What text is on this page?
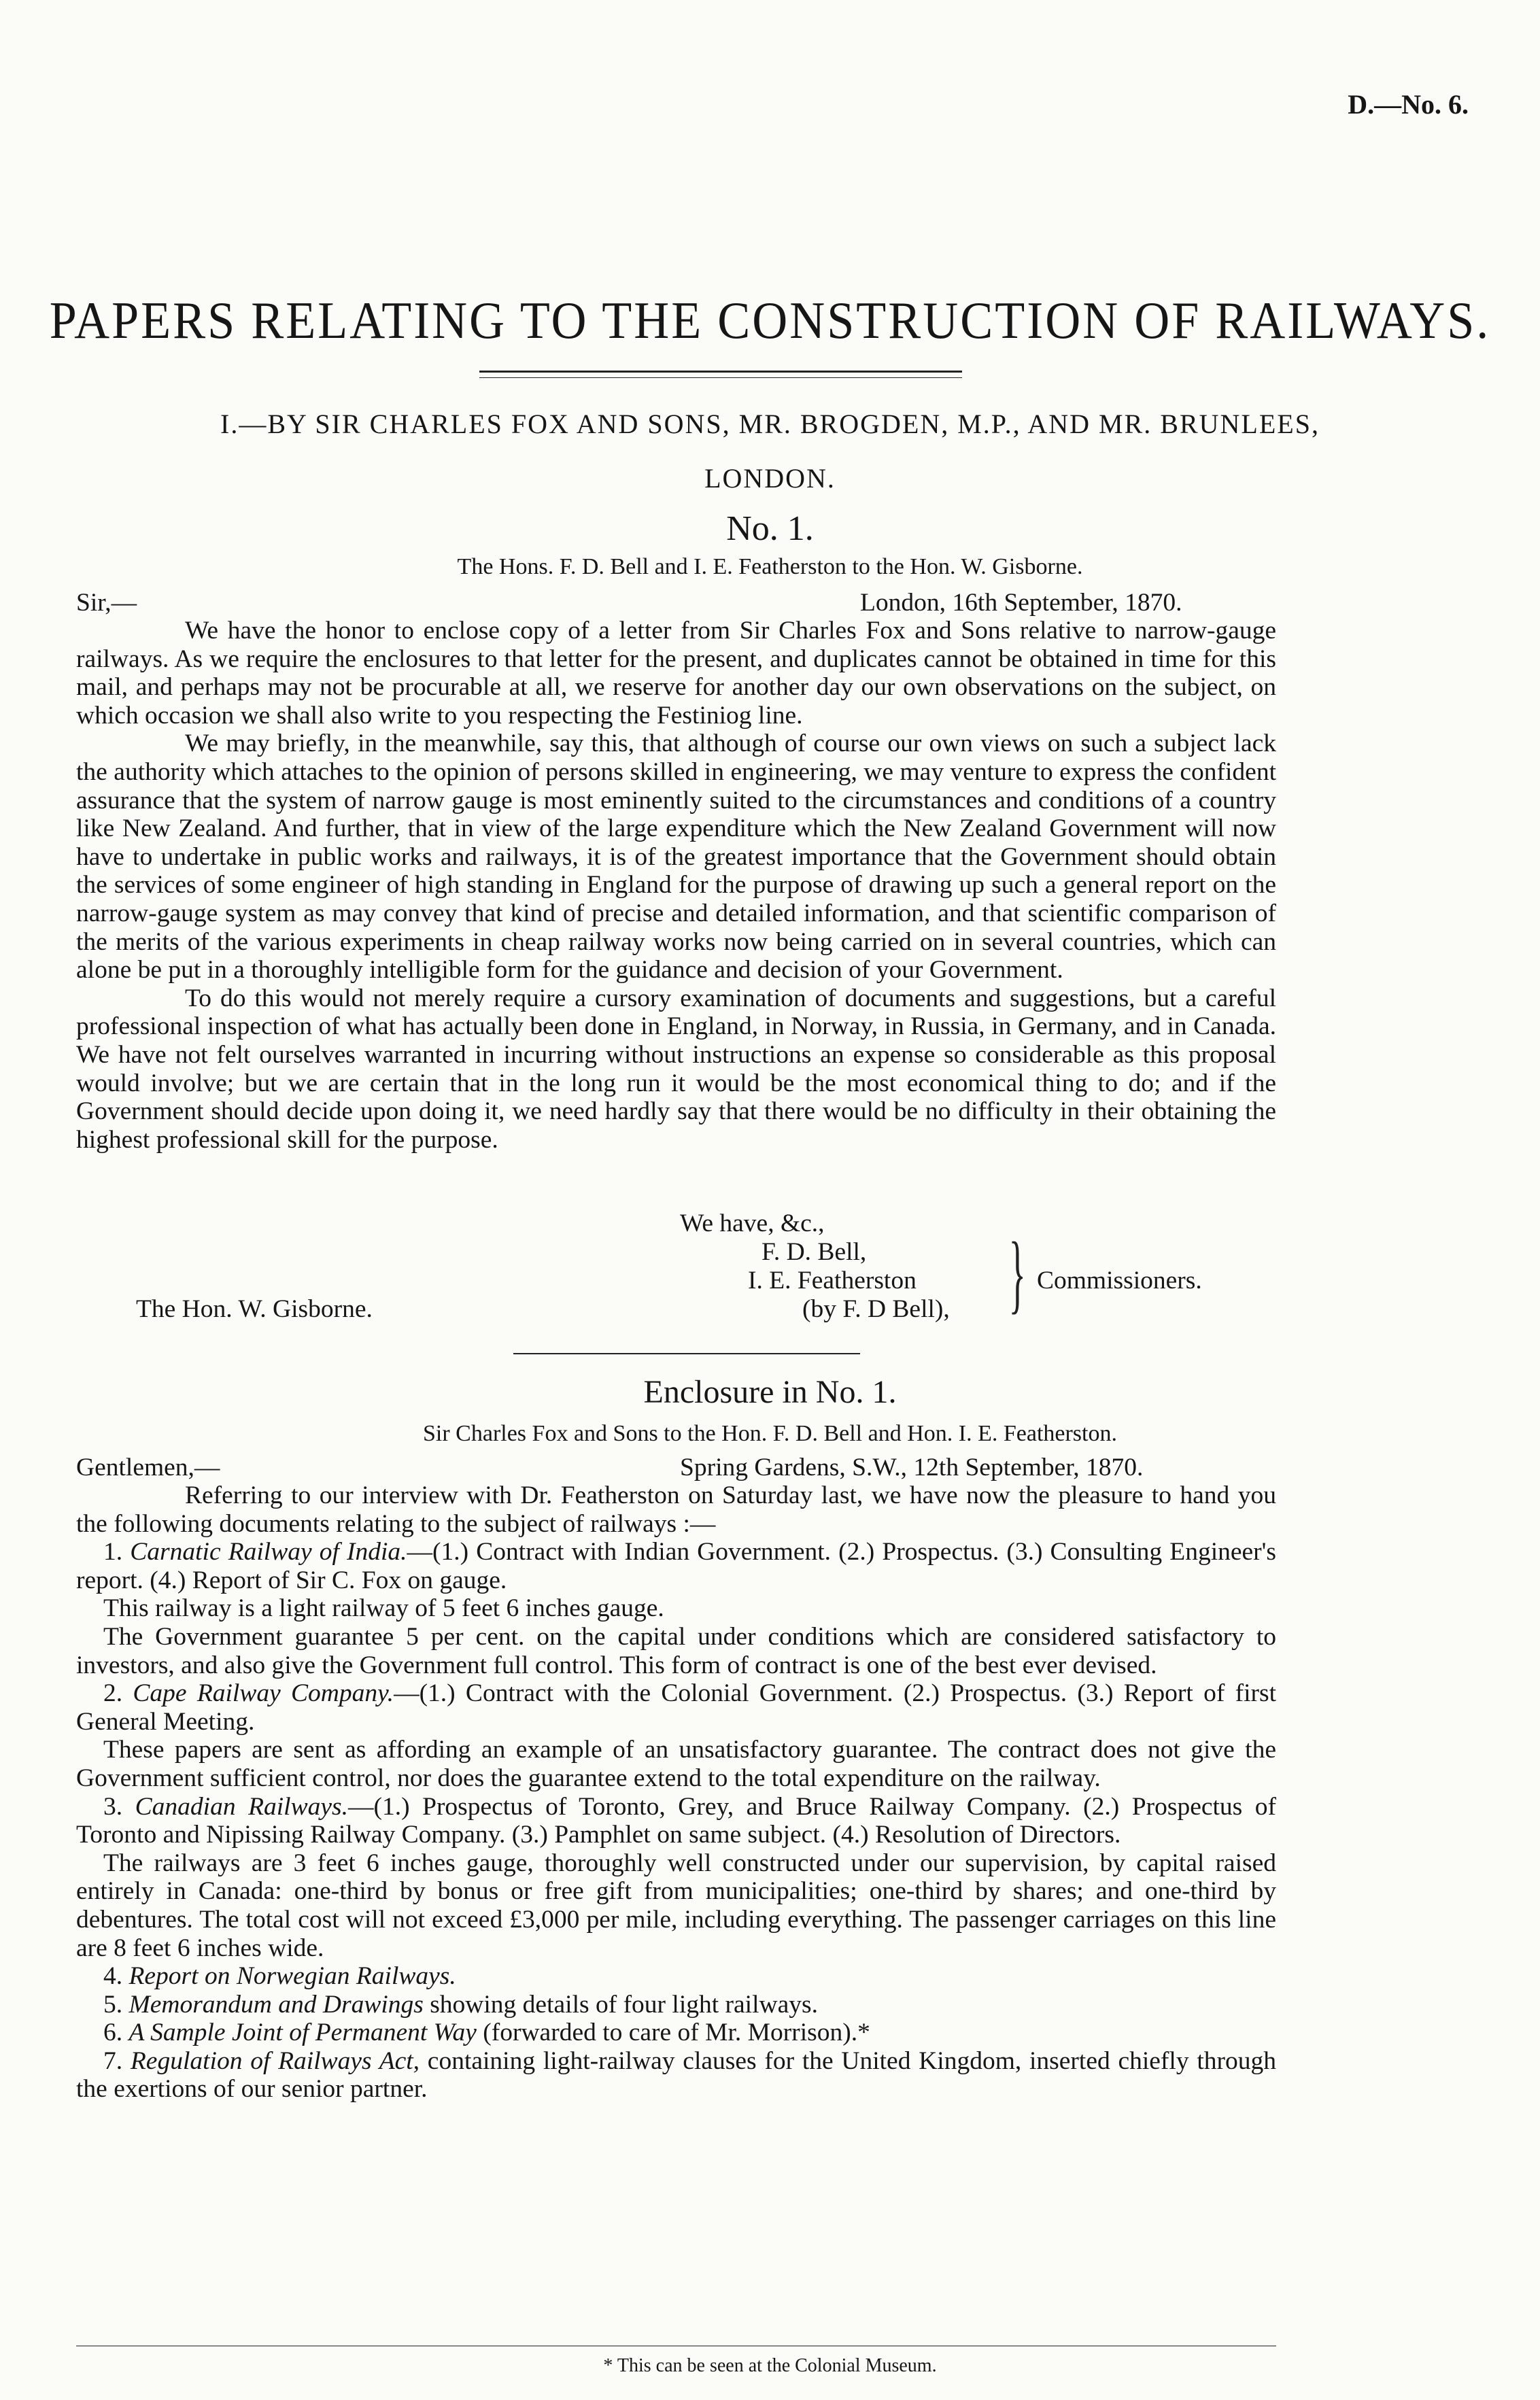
D.—No. 6.
PAPERS RELATING TO THE CONSTRUCTION OF RAILWAYS.
I.—BY SIR CHARLES FOX AND SONS, MR. BROGDEN, M.P., AND MR. BRUNLEES,
LONDON.
No. 1.
The Hons. F. D. Bell and I. E. Featherston to the Hon. W. Gisborne.
Sir,—	London, 16th September, 1870.

We have the honor to enclose copy of a letter from Sir Charles Fox and Sons relative to narrow-gauge railways. As we require the enclosures to that letter for the present, and duplicates cannot be obtained in time for this mail, and perhaps may not be procurable at all, we reserve for another day our own observations on the subject, on which occasion we shall also write to you respecting the Festiniog line.

We may briefly, in the meanwhile, say this, that although of course our own views on such a subject lack the authority which attaches to the opinion of persons skilled in engineering, we may venture to express the confident assurance that the system of narrow gauge is most eminently suited to the circumstances and conditions of a country like New Zealand. And further, that in view of the large expenditure which the New Zealand Government will now have to undertake in public works and railways, it is of the greatest importance that the Government should obtain the services of some engineer of high standing in England for the purpose of drawing up such a general report on the narrow-gauge system as may convey that kind of precise and detailed information, and that scientific comparison of the merits of the various experiments in cheap railway works now being carried on in several countries, which can alone be put in a thoroughly intelligible form for the guidance and decision of your Government.

To do this would not merely require a cursory examination of documents and suggestions, but a careful professional inspection of what has actually been done in England, in Norway, in Russia, in Germany, and in Canada. We have not felt ourselves warranted in incurring without instructions an expense so considerable as this proposal would involve; but we are certain that in the long run it would be the most economical thing to do; and if the Government should decide upon doing it, we need hardly say that there would be no difficulty in their obtaining the highest professional skill for the purpose.

We have, &c.,
F. D. Bell,
I. E. Featherston
(by F. D Bell), } Commissioners.
The Hon. W. Gisborne.
Enclosure in No. 1.
Sir Charles Fox and Sons to the Hon. F. D. Bell and Hon. I. E. Featherston.
Gentlemen,—	Spring Gardens, S.W., 12th September, 1870.

Referring to our interview with Dr. Featherston on Saturday last, we have now the pleasure to hand you the following documents relating to the subject of railways :—

1. Carnatic Railway of India.—(1.) Contract with Indian Government. (2.) Prospectus. (3.) Consulting Engineer's report. (4.) Report of Sir C. Fox on gauge.

This railway is a light railway of 5 feet 6 inches gauge.

The Government guarantee 5 per cent. on the capital under conditions which are considered satisfactory to investors, and also give the Government full control. This form of contract is one of the best ever devised.

2. Cape Railway Company.—(1.) Contract with the Colonial Government. (2.) Prospectus. (3.) Report of first General Meeting.

These papers are sent as affording an example of an unsatisfactory guarantee. The contract does not give the Government sufficient control, nor does the guarantee extend to the total expenditure on the railway.

3. Canadian Railways.—(1.) Prospectus of Toronto, Grey, and Bruce Railway Company. (2.) Prospectus of Toronto and Nipissing Railway Company. (3.) Pamphlet on same subject. (4.) Resolution of Directors.

The railways are 3 feet 6 inches gauge, thoroughly well constructed under our supervision, by capital raised entirely in Canada: one-third by bonus or free gift from municipalities; one-third by shares; and one-third by debentures. The total cost will not exceed £3,000 per mile, including everything. The passenger carriages on this line are 8 feet 6 inches wide.

4. Report on Norwegian Railways.

5. Memorandum and Drawings showing details of four light railways.

6. A Sample Joint of Permanent Way (forwarded to care of Mr. Morrison).*

7. Regulation of Railways Act, containing light-railway clauses for the United Kingdom, inserted chiefly through the exertions of our senior partner.

* This can be seen at the Colonial Museum.
